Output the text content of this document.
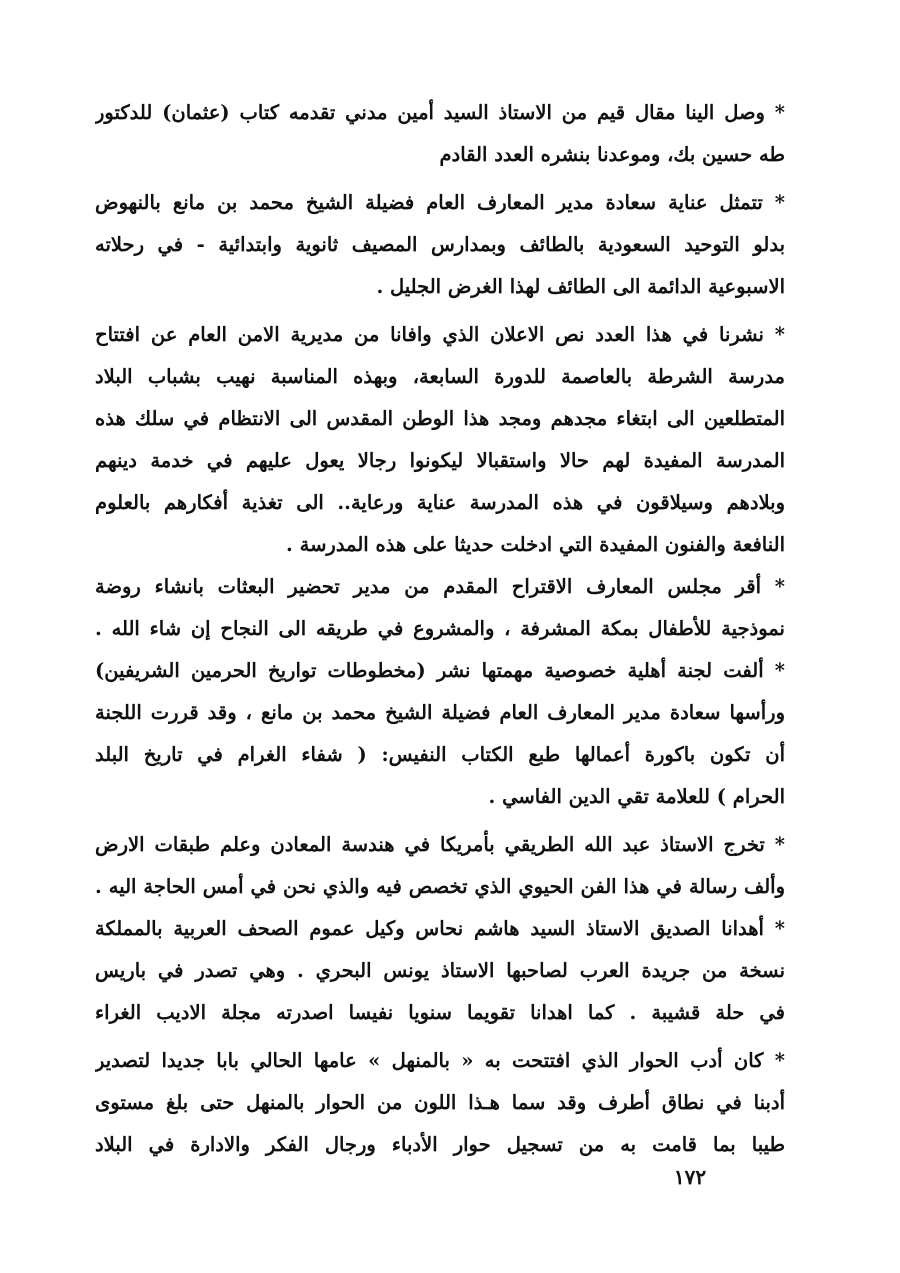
* وصل الينا مقال قيم من الاستاذ السيد أمين مدني تقدمه كتاب (عثمان) للدكتور
طه حسين بك، وموعدنا بنشره العدد القادم
* تتمثل عناية سعادة مدير المعارف العام فضيلة الشيخ محمد بن مانع بالنهوض
بدلو التوحيد السعودية بالطائف وبمدارس المصيف ثانوية وابتدائية - في رحلاته
الاسبوعية الدائمة الى الطائف لهذا الغرض الجليل .
* نشرنا في هذا العدد نص الاعلان الذي وافانا من مديرية الامن العام عن افتتاح
مدرسة الشرطة بالعاصمة للدورة السابعة، وبهذه المناسبة نهيب بشباب البلاد
المتطلعين الى ابتغاء مجدهم ومجد هذا الوطن المقدس الى الانتظام في سلك هذه
المدرسة المفيدة لهم حالا واستقبالا ليكونوا رجالا يعول عليهم في خدمة دينهم
وبلادهم وسيلاقون في هذه المدرسة عناية ورعاية.. الى تغذية أفكارهم بالعلوم
النافعة والفنون المفيدة التي ادخلت حديثا على هذه المدرسة .
* أقر مجلس المعارف الاقتراح المقدم من مدير تحضير البعثات بانشاء روضة
نموذجية للأطفال بمكة المشرفة ، والمشروع في طريقه الى النجاح إن شاء الله .
* ألفت لجنة أهلية خصوصية مهمتها نشر (مخطوطات تواريخ الحرمين الشريفين)
ورأسها سعادة مدير المعارف العام فضيلة الشيخ محمد بن مانع ، وقد قررت اللجنة
أن تكون باكورة أعمالها طبع الكتاب النفيس: ( شفاء الغرام في تاريخ البلد
الحرام ) للعلامة تقي الدين الفاسي .
* تخرج الاستاذ عبد الله الطريقي بأمريكا في هندسة المعادن وعلم طبقات الارض
وألف رسالة في هذا الفن الحيوي الذي تخصص فيه والذي نحن في أمس الحاجة اليه .
* أهدانا الصديق الاستاذ السيد هاشم نحاس وكيل عموم الصحف العربية بالمملكة
نسخة من جريدة العرب لصاحبها الاستاذ يونس البحري . وهي تصدر في باريس
في حلة قشيبة . كما اهدانا تقويما سنويا نفيسا اصدرته مجلة الاديب الغراء
* كان أدب الحوار الذي افتتحت به « بالمنهل » عامها الحالي بابا جديدا لتصدير
أدبنا في نطاق أطرف وقد سما هـذا اللون من الحوار بالمنهل حتى بلغ مستوى
طيبا بما قامت به من تسجيل حوار الأدباء ورجال الفكر والادارة في البلاد
١٧٢
